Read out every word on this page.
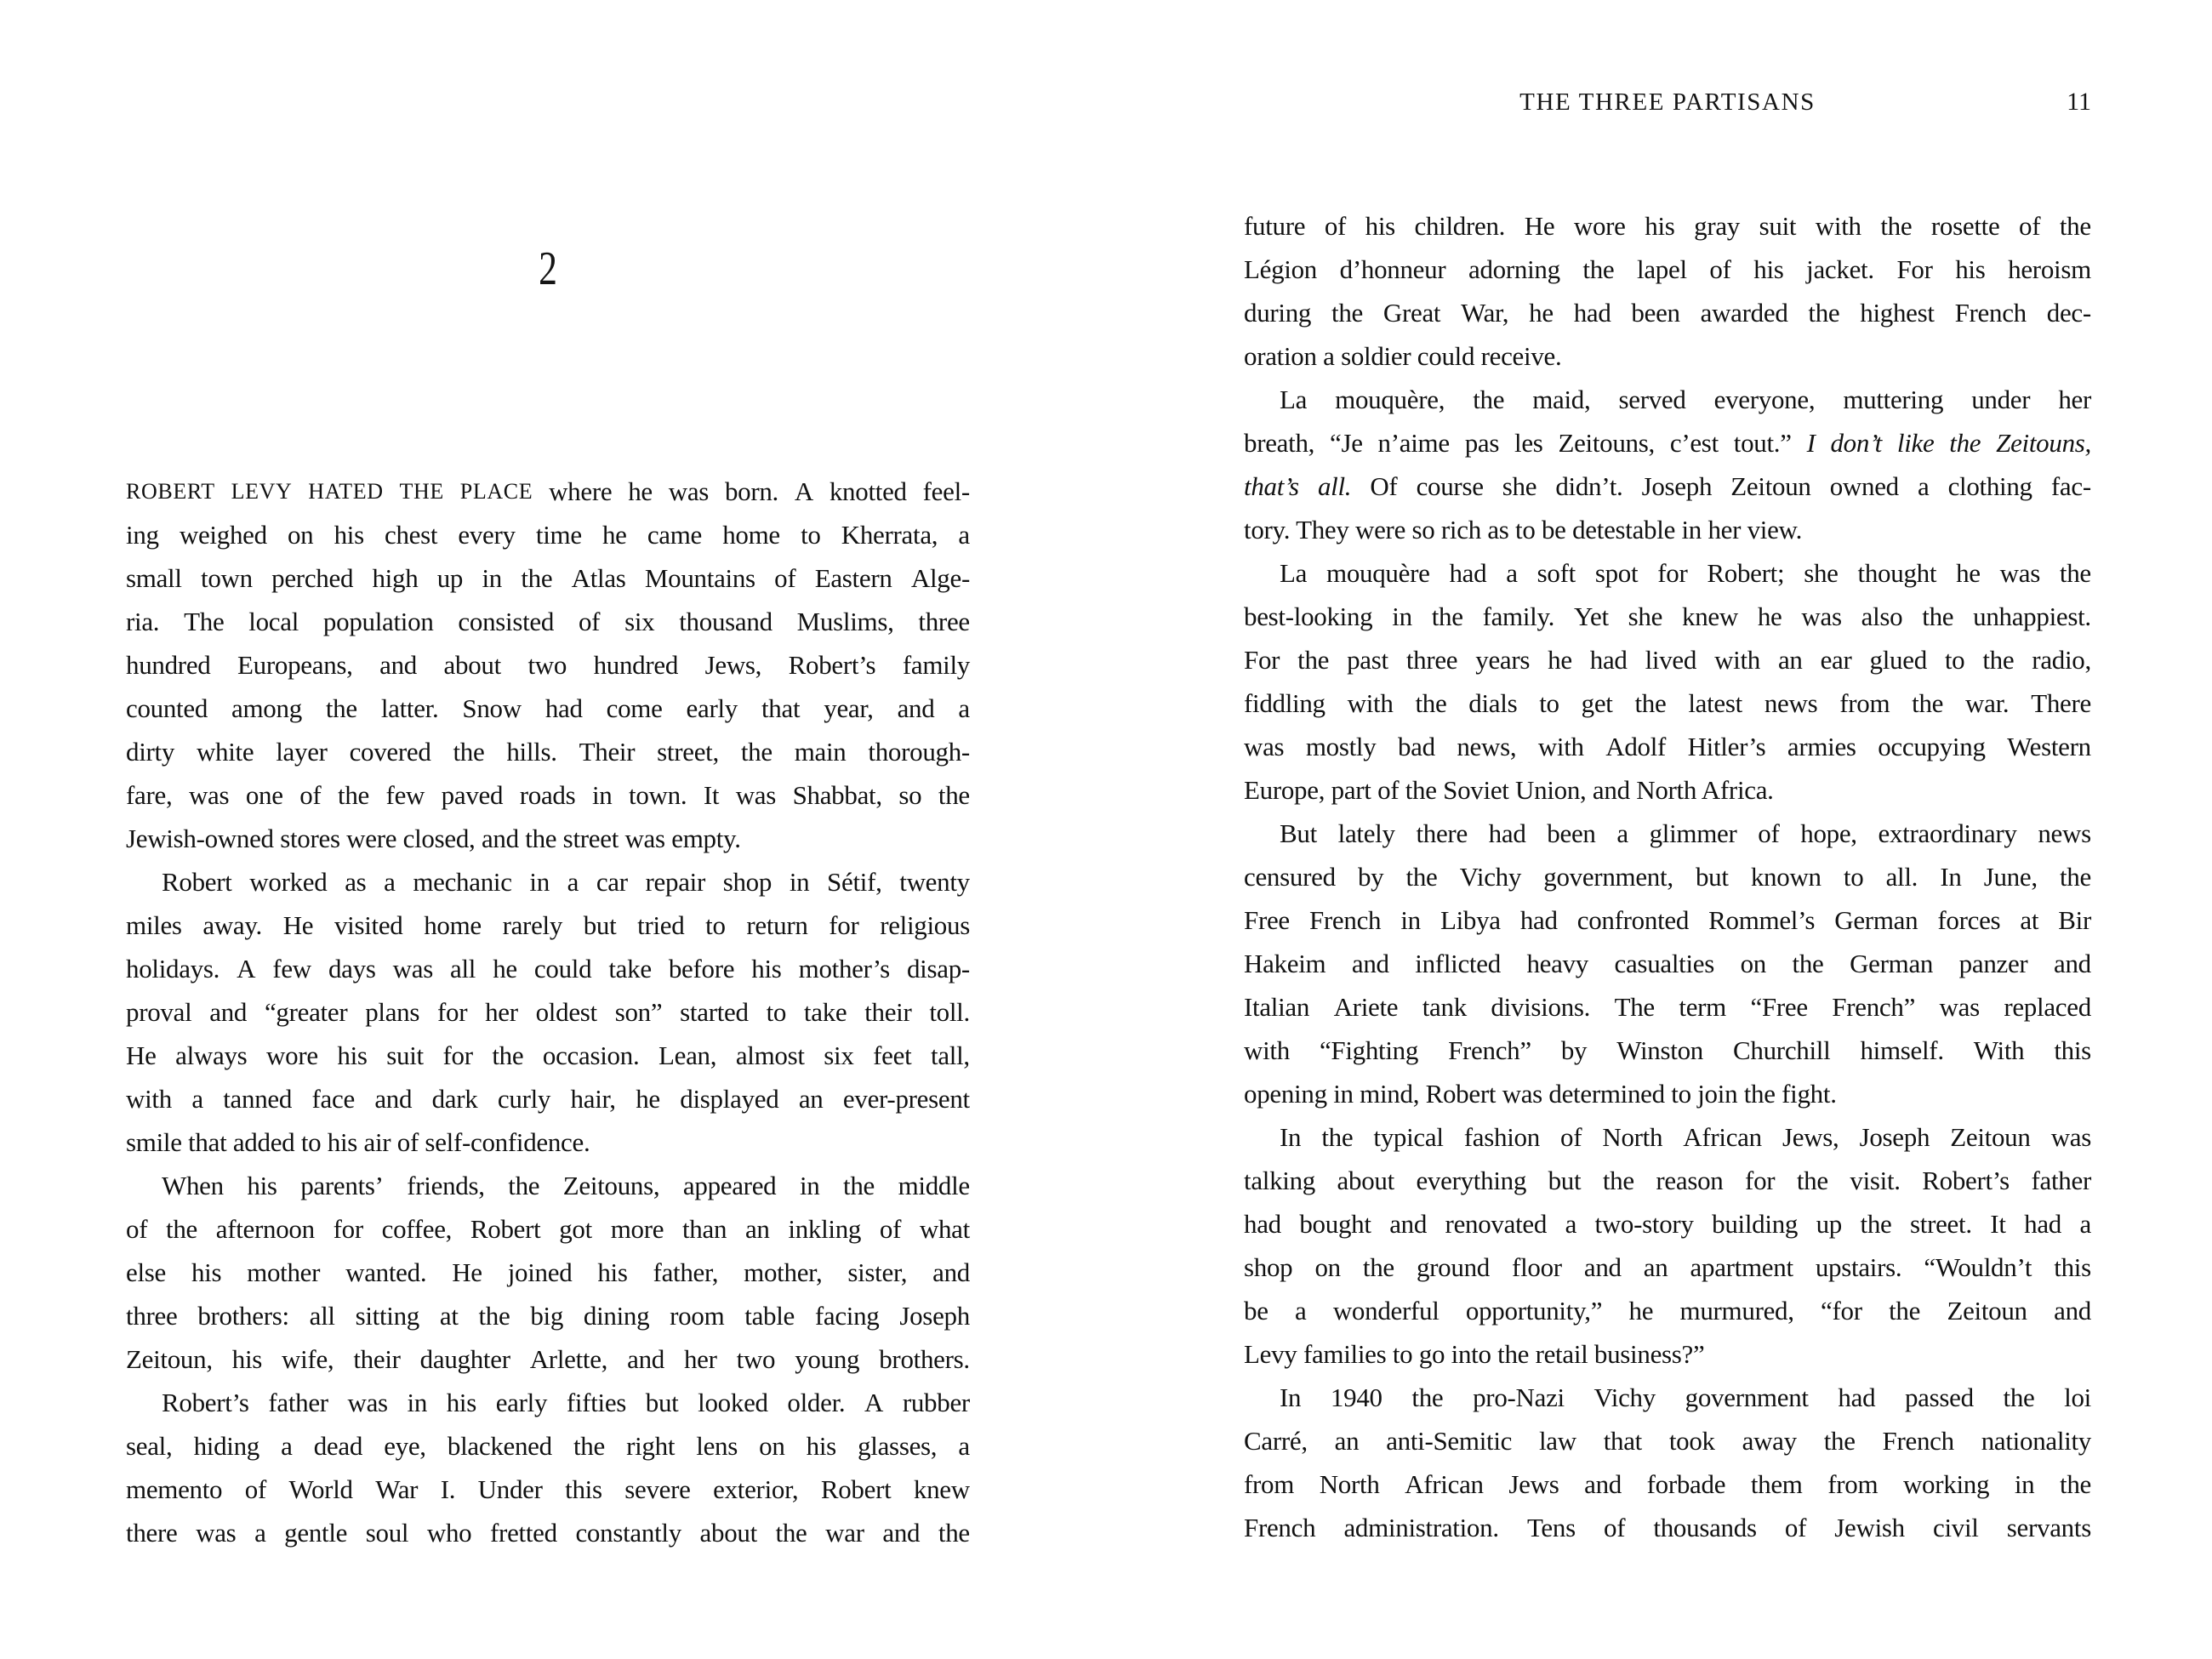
2
ROBERT LEVY HATED THE PLACE where he was born. A knotted feel-
ing weighed on his chest every time he came home to Kherrata, a
small town perched high up in the Atlas Mountains of Eastern Alge-
ria. The local population consisted of six thousand Muslims, three
hundred Europeans, and about two hundred Jews, Robert’s family
counted among the latter. Snow had come early that year, and a
dirty white layer covered the hills. Their street, the main thorough-
fare, was one of the few paved roads in town. It was Shabbat, so the
Jewish-owned stores were closed, and the street was empty.
Robert worked as a mechanic in a car repair shop in Sétif, twenty
miles away. He visited home rarely but tried to return for religious
holidays. A few days was all he could take before his mother’s disap-
proval and “greater plans for her oldest son” started to take their toll.
He always wore his suit for the occasion. Lean, almost six feet tall,
with a tanned face and dark curly hair, he displayed an ever-present
smile that added to his air of self-confidence.
When his parents’ friends, the Zeitouns, appeared in the middle
of the afternoon for coffee, Robert got more than an inkling of what
else his mother wanted. He joined his father, mother, sister, and
three brothers: all sitting at the big dining room table facing Joseph
Zeitoun, his wife, their daughter Arlette, and her two young brothers.
Robert’s father was in his early fifties but looked older. A rubber
seal, hiding a dead eye, blackened the right lens on his glasses, a
memento of World War I. Under this severe exterior, Robert knew
there was a gentle soul who fretted constantly about the war and the
THE THREE PARTISANS	11
future of his children. He wore his gray suit with the rosette of the
Légion d’honneur adorning the lapel of his jacket. For his heroism
during the Great War, he had been awarded the highest French dec-
oration a soldier could receive.
La mouquère, the maid, served everyone, muttering under her
breath, “Je n’aime pas les Zeitouns, c’est tout.” I don’t like the Zeitouns,
that’s all. Of course she didn’t. Joseph Zeitoun owned a clothing fac-
tory. They were so rich as to be detestable in her view.
La mouquère had a soft spot for Robert; she thought he was the
best-looking in the family. Yet she knew he was also the unhappiest.
For the past three years he had lived with an ear glued to the radio,
fiddling with the dials to get the latest news from the war. There
was mostly bad news, with Adolf Hitler’s armies occupying Western
Europe, part of the Soviet Union, and North Africa.
But lately there had been a glimmer of hope, extraordinary news
censured by the Vichy government, but known to all. In June, the
Free French in Libya had confronted Rommel’s German forces at Bir
Hakeim and inflicted heavy casualties on the German panzer and
Italian Ariete tank divisions. The term “Free French” was replaced
with “Fighting French” by Winston Churchill himself. With this
opening in mind, Robert was determined to join the fight.
In the typical fashion of North African Jews, Joseph Zeitoun was
talking about everything but the reason for the visit. Robert’s father
had bought and renovated a two-story building up the street. It had a
shop on the ground floor and an apartment upstairs. “Wouldn’t this
be a wonderful opportunity,” he murmured, “for the Zeitoun and
Levy families to go into the retail business?”
In 1940 the pro-Nazi Vichy government had passed the loi
Carré, an anti-Semitic law that took away the French nationality
from North African Jews and forbade them from working in the
French administration. Tens of thousands of Jewish civil servants
